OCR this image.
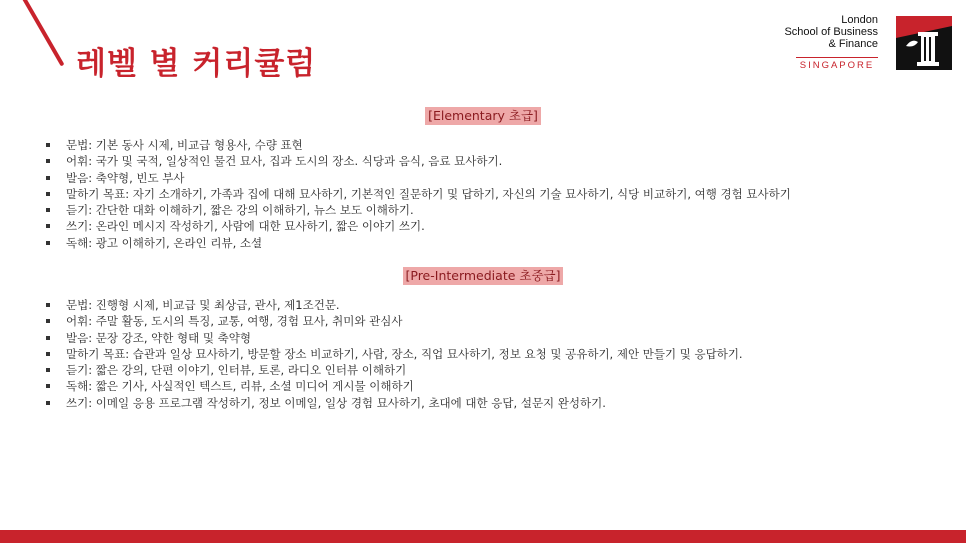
레벨 별 커리큘럼
London
School of Business
& Finance
SINGAPORE
[Elementary 초급]
문법: 기본 동사 시제, 비교급 형용사, 수량 표현
어휘: 국가 및 국적, 일상적인 물건 묘사, 집과 도시의 장소. 식당과 음식, 음료 묘사하기.
발음: 축약형, 빈도 부사
말하기 목표: 자기 소개하기, 가족과 집에 대해 묘사하기, 기본적인 질문하기 및 답하기, 자신의 기술 묘사하기, 식당 비교하기, 여행 경험 묘사하기
듣기: 간단한 대화 이해하기, 짧은 강의 이해하기, 뉴스 보도 이해하기.
쓰기: 온라인 메시지 작성하기, 사람에 대한 묘사하기, 짧은 이야기 쓰기.
독해: 광고 이해하기, 온라인 리뷰, 소셜
[Pre-Intermediate 초중급]
문법: 진행형 시제, 비교급 및 최상급, 관사, 제1조건문.
어휘: 주말 활동, 도시의 특징, 교통, 여행, 경험 묘사, 취미와 관심사
발음: 문장 강조, 약한 형태 및 축약형
말하기 목표: 습관과 일상 묘사하기, 방문할 장소 비교하기, 사람, 장소, 직업 묘사하기, 정보 요청 및 공유하기, 제안 만들기 및 응답하기.
듣기: 짧은 강의, 단편 이야기, 인터뷰, 토론, 라디오 인터뷰 이해하기
독해: 짧은 기사, 사실적인 텍스트, 리뷰, 소셜 미디어 게시물 이해하기
쓰기: 이메일 응용 프로그램 작성하기, 정보 이메일, 일상 경험 묘사하기, 초대에 대한 응답, 설문지 완성하기.
